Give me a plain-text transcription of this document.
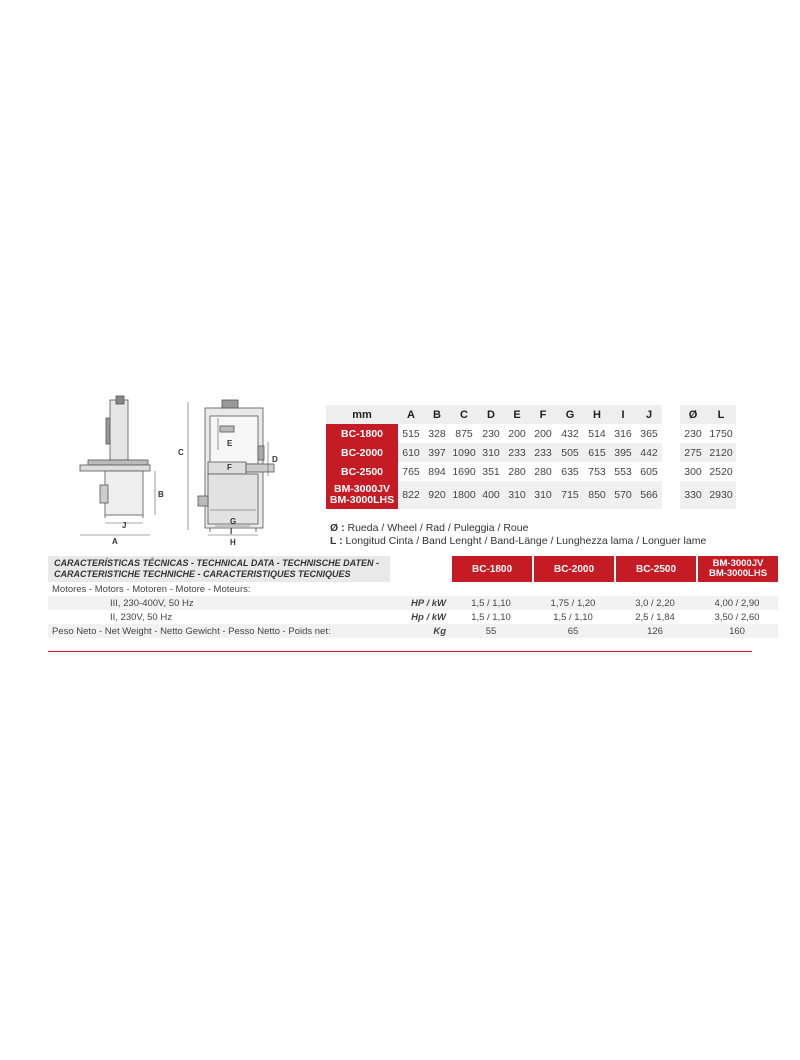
C
B
A
J
D
E
F
G
I
H
mm	A	B	C	D	E	F	G	H	I	J		Ø	L
BC-1800	515	328	875	230	200	200	432	514	316	365		230	1750
BC-2000	610	397	1090	310	233	233	505	615	395	442		275	2120
BC-2500	765	894	1690	351	280	280	635	753	553	605		300	2520
BM-3000JV
BM-3000LHS	822	920	1800	400	310	310	715	850	570	566		330	2930
Ø : Rueda / Wheel / Rad / Puleggia / Roue
L : Longitud Cinta / Band Lenght / Band-Länge / Lunghezza lama / Longuer lame
CARACTERÍSTICAS TÉCNICAS - TECHNICAL DATA - TECHNISCHE DATEN -
CARACTERISTICHE TECHNICHE - CARACTERISTIQUES TECNIQUES		BC-1800	BC-2000	BC-2500	BM-3000JV
BM-3000LHS
Motores - Motors - Motoren - Motore - Moteurs:					
III, 230-400V, 50 Hz	HP / kW	1,5 / 1,10	1,75 / 1,20	3,0 / 2,20	4,00 / 2,90
II, 230V, 50 Hz	Hp / kW	1,5 / 1,10	1,5 / 1,10	2,5 / 1,84	3,50 / 2,60
Peso Neto - Net Weight - Netto Gewicht - Pesso Netto - Poids net:	Kg	55	65	126	160
